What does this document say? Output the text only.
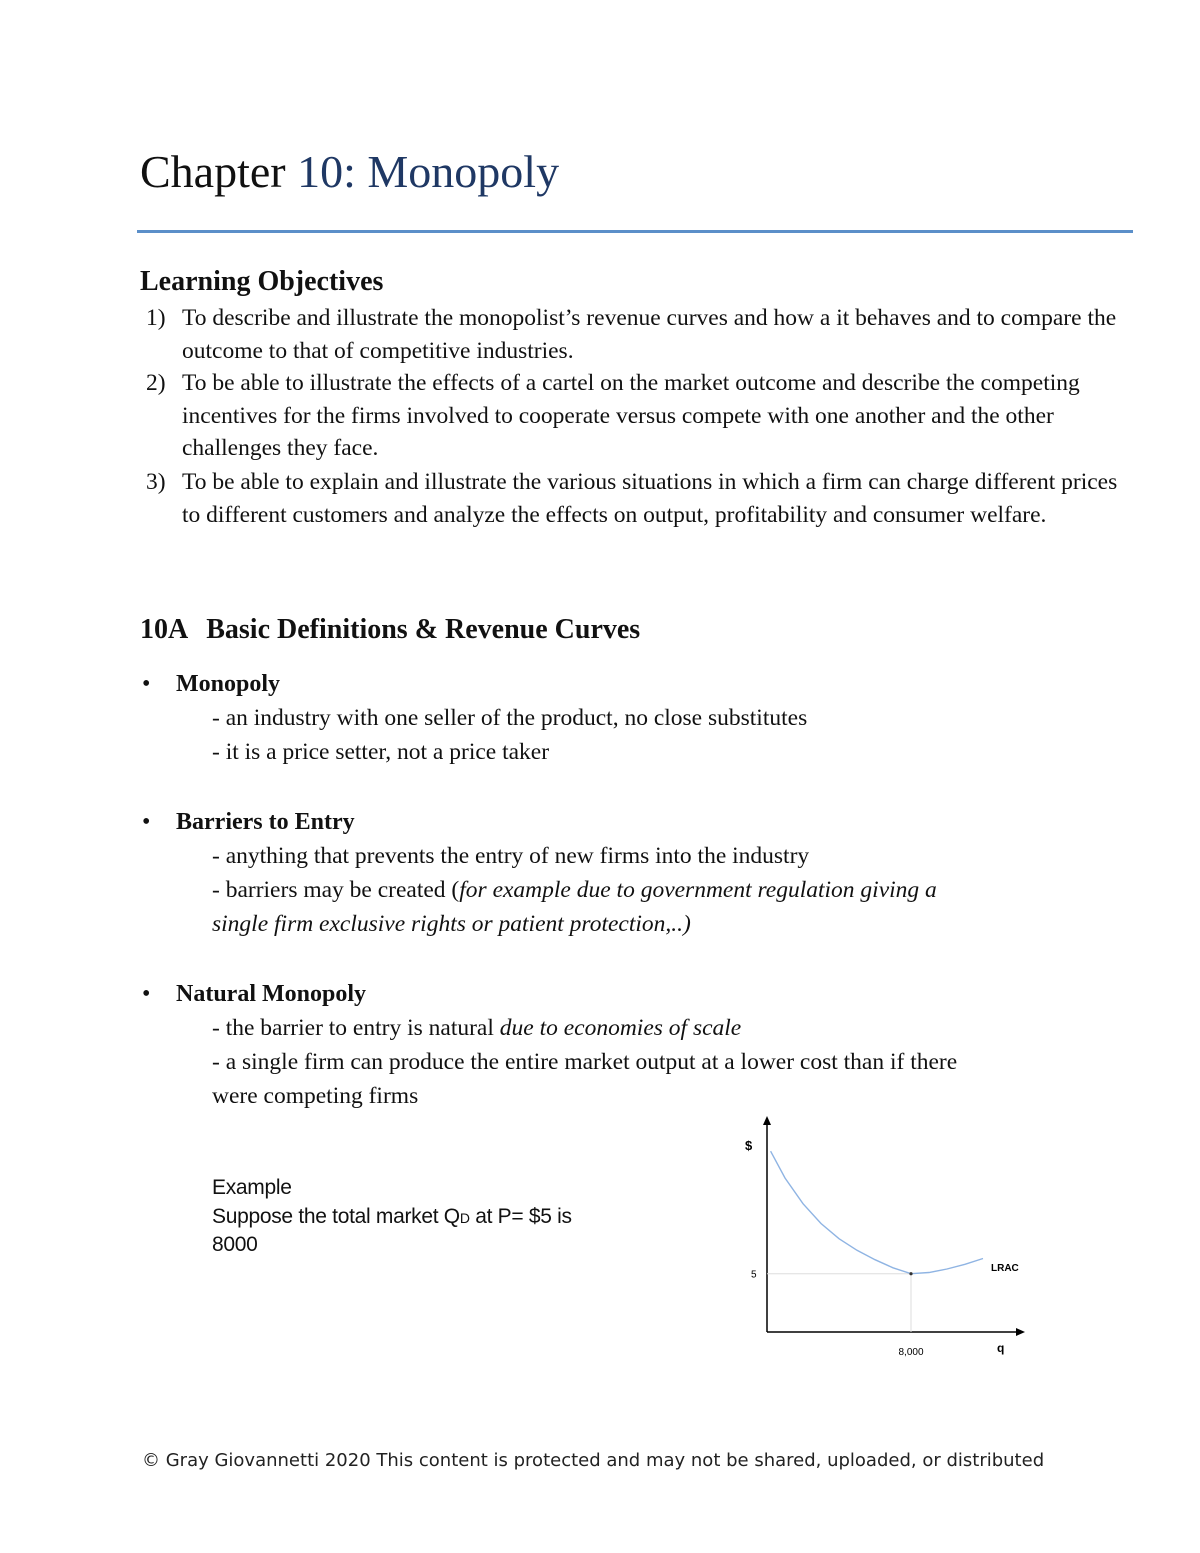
Chapter 10: Monopoly
Learning Objectives
1) To describe and illustrate the monopolist’s revenue curves and how a it behaves and to compare the outcome to that of competitive industries.
2) To be able to illustrate the effects of a cartel on the market outcome and describe the competing incentives for the firms involved to cooperate versus compete with one another and the other challenges they face.
3) To be able to explain and illustrate the various situations in which a firm can charge different prices to different customers and analyze the effects on output, profitability and consumer welfare.
10A Basic Definitions & Revenue Curves
• Monopoly
- an industry with one seller of the product, no close substitutes
- it is a price setter, not a price taker
• Barriers to Entry
- anything that prevents the entry of new firms into the industry
- barriers may be created (for example due to government regulation giving a
single firm exclusive rights or patient protection,..)
• Natural Monopoly
- the barrier to entry is natural due to economies of scale
- a single firm can produce the entire market output at a lower cost than if there
were competing firms
Example
Suppose the total market QD at P= $5 is
8000
$
5
8,000	q
LRAC
© Gray Giovannetti 2020 This content is protected and may not be shared, uploaded, or distributed
